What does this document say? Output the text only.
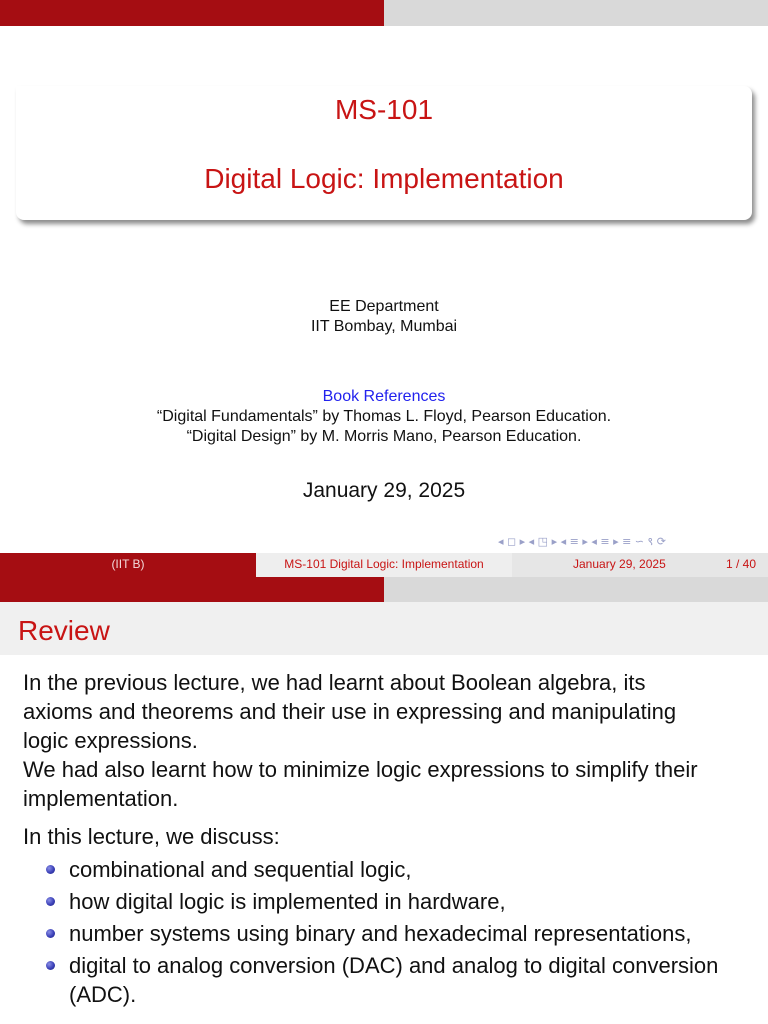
MS-101
Digital Logic: Implementation
EE Department
IIT Bombay, Mumbai
Book References
“Digital Fundamentals” by Thomas L. Floyd, Pearson Education.
“Digital Design” by M. Morris Mano, Pearson Education.
January 29, 2025
◂ ◻ ▸ ◂ ◳ ▸ ◂ ≡ ▸ ◂ ≡ ▸ ≡ ∽ ९ ⟳
(IIT B)	MS-101 Digital Logic: Implementation	January 29, 2025	1 / 40
Review
In the previous lecture, we had learnt about Boolean algebra, its
axioms and theorems and their use in expressing and manipulating
logic expressions.
We had also learnt how to minimize logic expressions to simplify their
implementation.
In this lecture, we discuss:
combinational and sequential logic,
how digital logic is implemented in hardware,
number systems using binary and hexadecimal representations,
digital to analog conversion (DAC) and analog to digital conversion (ADC).
